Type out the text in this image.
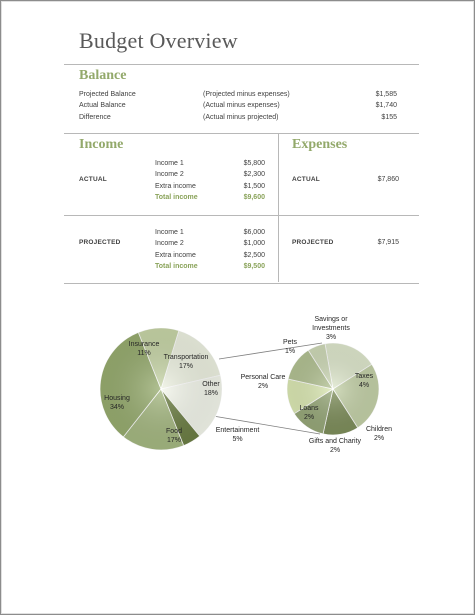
Budget Overview
Balance
Projected Balance	(Projected minus expenses)	$1,585
Actual Balance	(Actual minus expenses)	$1,740
Difference	(Actual minus projected)	$155
Income	Expenses
ACTUAL
Income 1	$5,800
Income 2	$2,300
Extra income	$1,500
Total income	$9,600
ACTUAL	$7,860
PROJECTED
Income 1	$6,000
Income 2	$1,000
Extra income	$2,500
Total income	$9,500
PROJECTED	$7,915
Transportation
17%
Other
18%
Entertainment
5%
Food
17%
Housing
34%
Insurance
11%
Savings or
Investments
3%
Taxes
4%
Children
2%
Gifts and Charity
2%
Loans
2%
Personal Care
2%
Pets
1%
